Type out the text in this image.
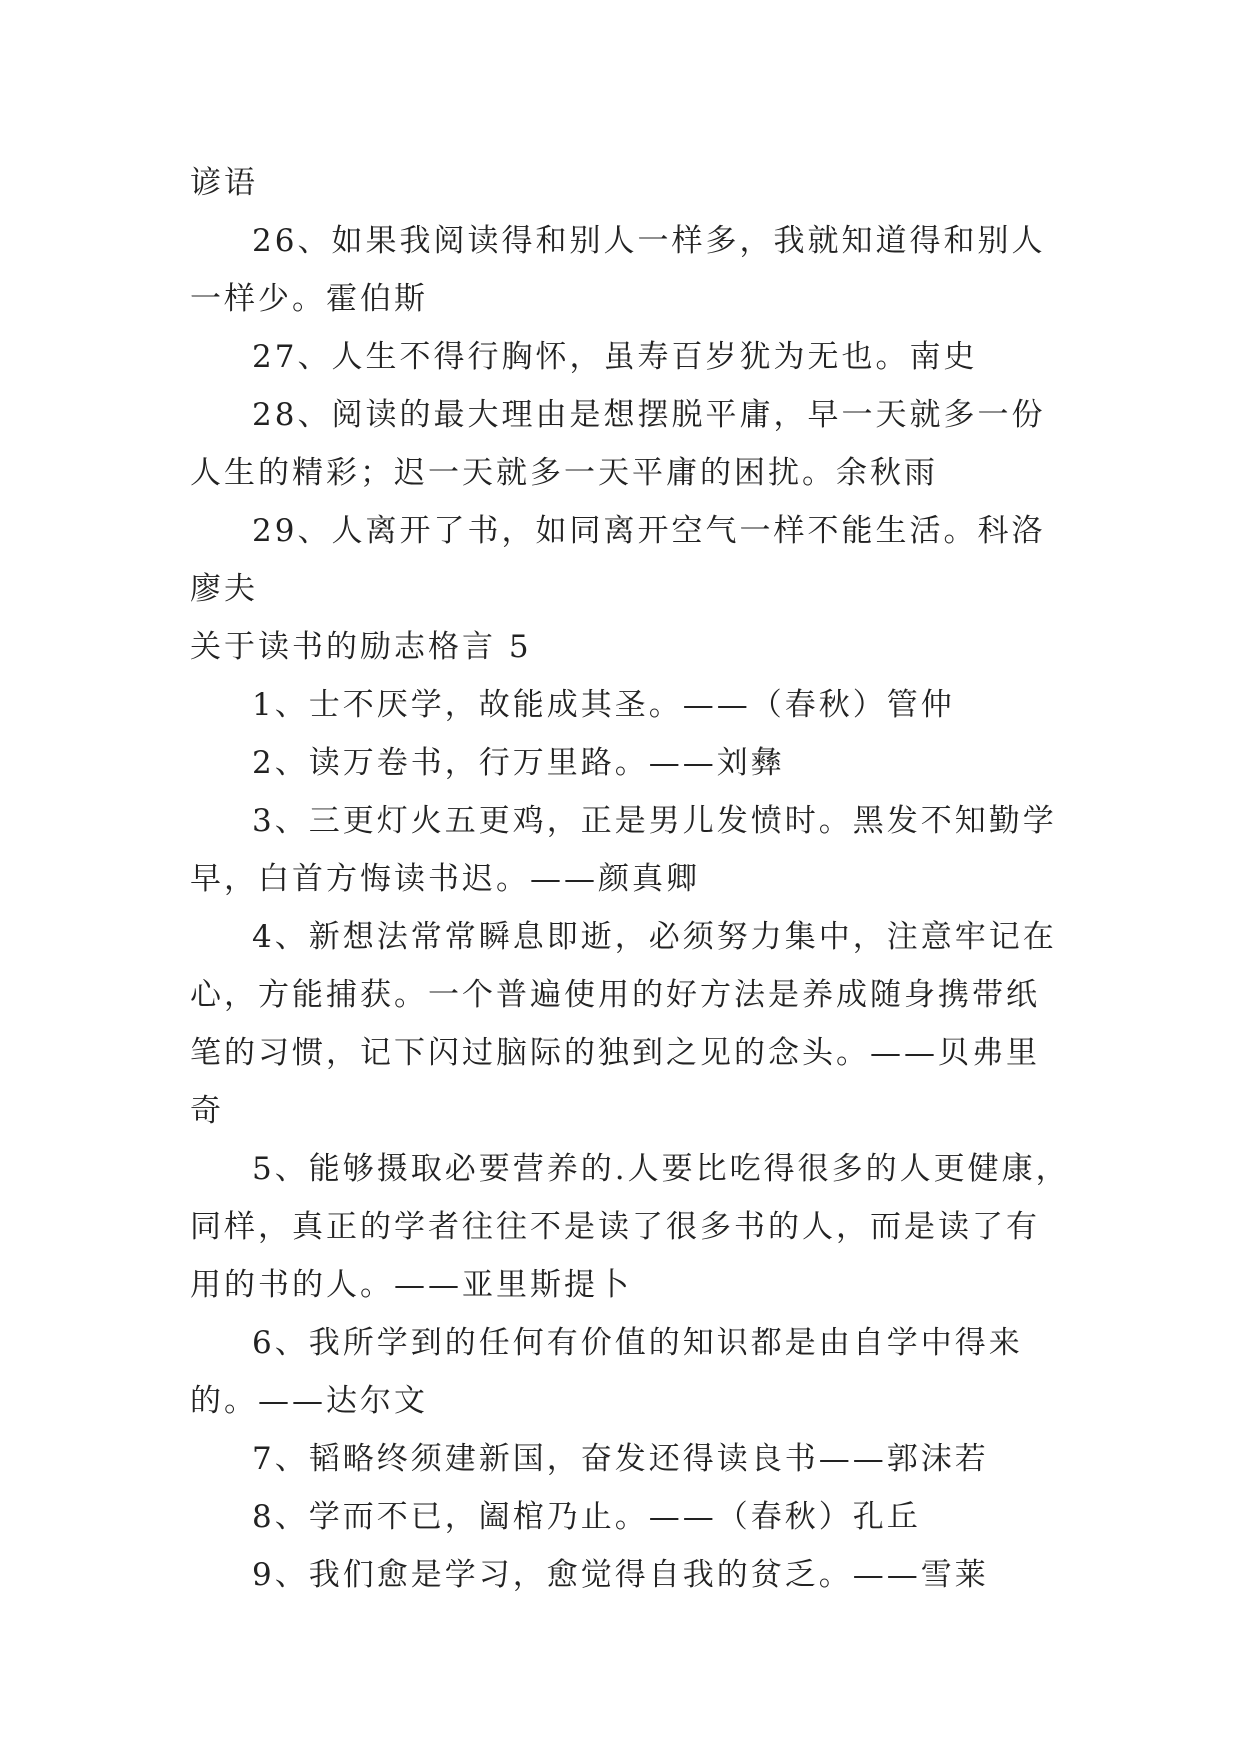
谚语

26、如果我阅读得和别人一样多，我就知道得和别人一样少。霍伯斯

27、人生不得行胸怀，虽寿百岁犹为无也。南史

28、阅读的最大理由是想摆脱平庸，早一天就多一份人生的精彩；迟一天就多一天平庸的困扰。余秋雨

29、人离开了书，如同离开空气一样不能生活。科洛廖夫

关于读书的励志格言 5

1、士不厌学，故能成其圣。——（春秋）管仲

2、读万卷书，行万里路。——刘彝

3、三更灯火五更鸡，正是男儿发愤时。黑发不知勤学早，白首方悔读书迟。——颜真卿

4、新想法常常瞬息即逝，必须努力集中，注意牢记在心，方能捕获。一个普遍使用的好方法是养成随身携带纸笔的习惯，记下闪过脑际的独到之见的念头。——贝弗里奇

5、能够摄取必要营养的.人要比吃得很多的人更健康，同样，真正的学者往往不是读了很多书的人，而是读了有用的书的人。——亚里斯提卜

6、我所学到的任何有价值的知识都是由自学中得来的。——达尔文

7、韬略终须建新国，奋发还得读良书——郭沫若

8、学而不已，阖棺乃止。——（春秋）孔丘

9、我们愈是学习，愈觉得自我的贫乏。——雪莱
